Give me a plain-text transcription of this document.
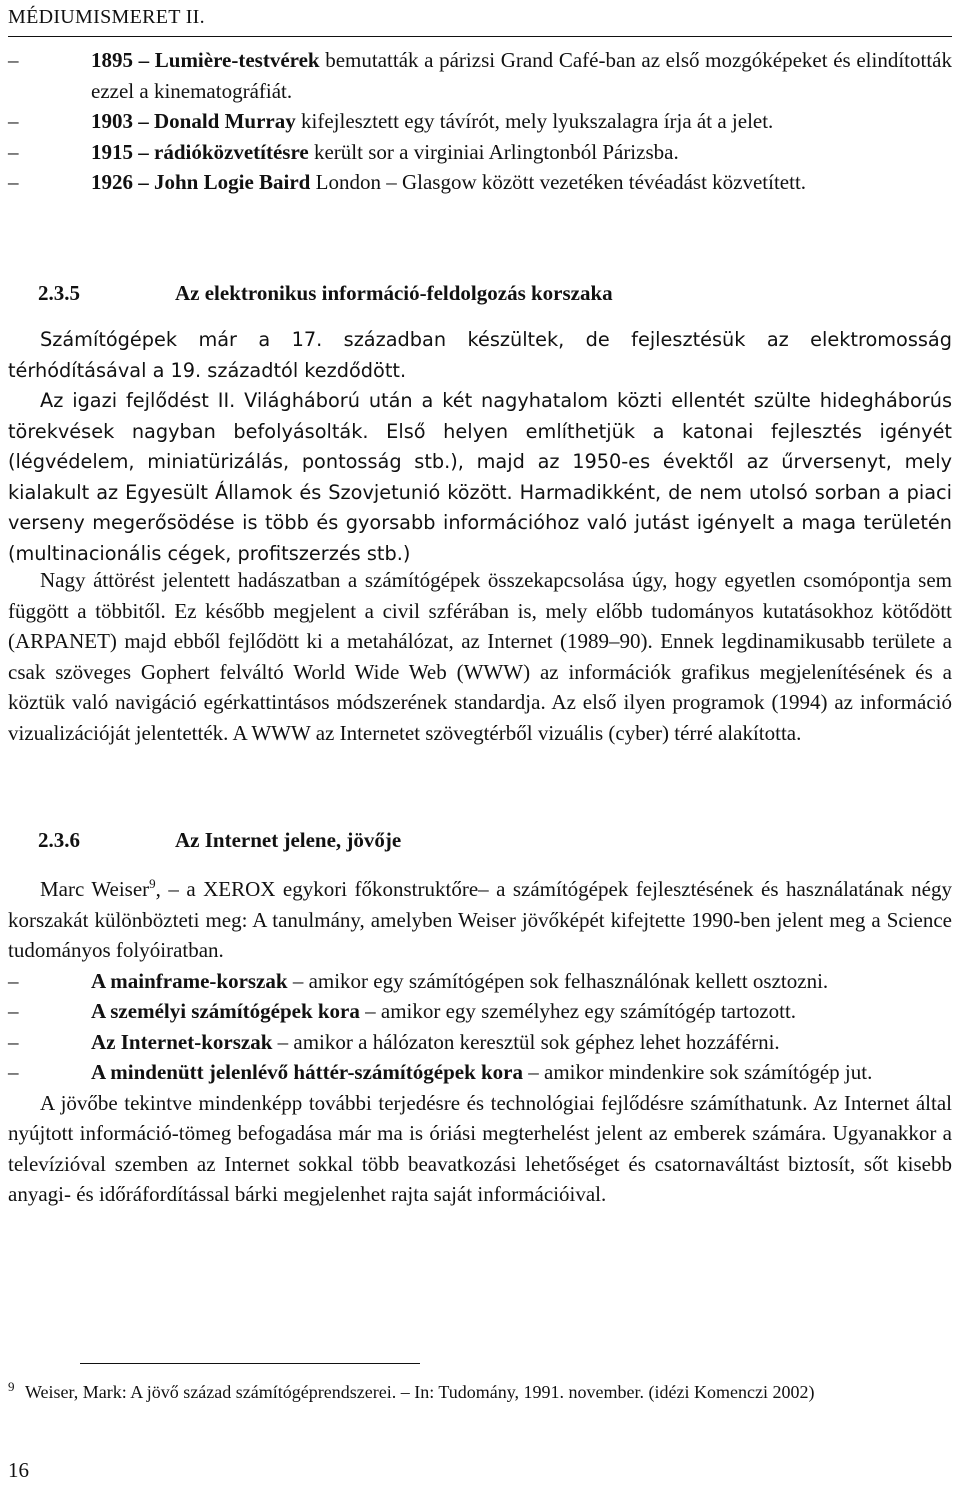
MÉDIUMISMERET II.

–	1895 – Lumière-testvérek bemutatták a párizsi Grand Café-ban az első mozgóképeket és elindították ezzel a kinematográfiát.

–	1903 – Donald Murray kifejlesztett egy távírót, mely lyukszalagra írja át a jelet.

–	1915 – rádióközvetítésre került sor a virginiai Arlingtonból Párizsba.

–	1926 – John Logie Baird London – Glasgow között vezetéken tévéadást közvetített.

2.3.5	Az elektronikus információ-feldolgozás korszaka

Számítógépek már a 17. században készültek, de fejlesztésük az elektromosság térhódításával a 19. századtól kezdődött.

Az igazi fejlődést II. Világháború után a két nagyhatalom közti ellentét szülte hidegháborús törekvések nagyban befolyásolták. Első helyen említhetjük a katonai fejlesztés igényét (légvédelem, miniatürizálás, pontosság stb.), majd az 1950-es évektől az űrversenyt, mely kialakult az Egyesült Államok és Szovjetunió között. Harmadikként, de nem utolsó sorban a piaci verseny megerősödése is több és gyorsabb információhoz való jutást igényelt a maga területén (multinacionális cégek, profitszerzés stb.)

Nagy áttörést jelentett hadászatban a számítógépek összekapcsolása úgy, hogy egyetlen csomópontja sem függött a többitől. Ez később megjelent a civil szférában is, mely előbb tudományos kutatásokhoz kötődött (ARPANET) majd ebből fejlődött ki a metahálózat, az Internet (1989–90). Ennek legdinamikusabb területe a csak szöveges Gophert felváltó World Wide Web (WWW) az információk grafikus megjelenítésének és a köztük való navigáció egérkattintásos módszerének standardja. Az első ilyen programok (1994) az információ vizualizációját jelentették. A WWW az Internetet szövegtérből vizuális (cyber) térré alakította.

2.3.6	Az Internet jelene, jövője

Marc Weiser$^9$, – a XEROX egykori főkonstruktőre– a számítógépek fejlesztésének és használatának négy korszakát különbözteti meg: A tanulmány, amelyben Weiser jövőképét kifejtette 1990-ben jelent meg a Science tudományos folyóiratban.

–	A mainframe-korszak – amikor egy számítógépen sok felhasználónak kellett osztozni.

–	A személyi számítógépek kora – amikor egy személyhez egy számítógép tartozott.

–	Az Internet-korszak – amikor a hálózaton keresztül sok géphez lehet hozzáférni.

–	A mindenütt jelenlévő háttér-számítógépek kora – amikor mindenkire sok számítógép jut.

A jövőbe tekintve mindenképp további terjedésre és technológiai fejlődésre számíthatunk. Az Internet által nyújtott információ-tömeg befogadása már ma is óriási megterhelést jelent az emberek számára. Ugyanakkor a televízióval szemben az Internet sokkal több beavatkozási lehetőséget és csatornaváltást biztosít, sőt kisebb anyagi- és időráfordítással bárki megjelenhet rajta saját információival.

9 Weiser, Mark: A jövő század számítógéprendszerei. – In: Tudomány, 1991. november. (idézi Komenczi 2002)
16
